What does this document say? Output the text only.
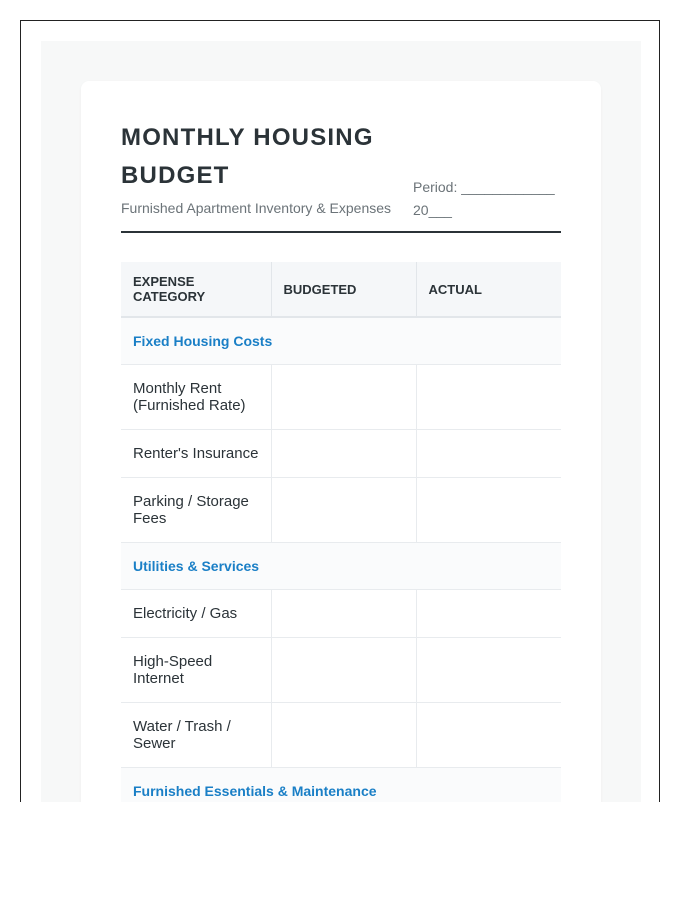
MONTHLY HOUSING BUDGET
Furnished Apartment Inventory & Expenses
Period: ____________
20___
EXPENSE CATEGORY	BUDGETED	ACTUAL
Fixed Housing Costs		
Monthly Rent (Furnished Rate)		
Renter's Insurance		
Parking / Storage Fees		
Utilities & Services		
Electricity / Gas		
High-Speed Internet		
Water / Trash / Sewer		
Furnished Essentials & Maintenance		
